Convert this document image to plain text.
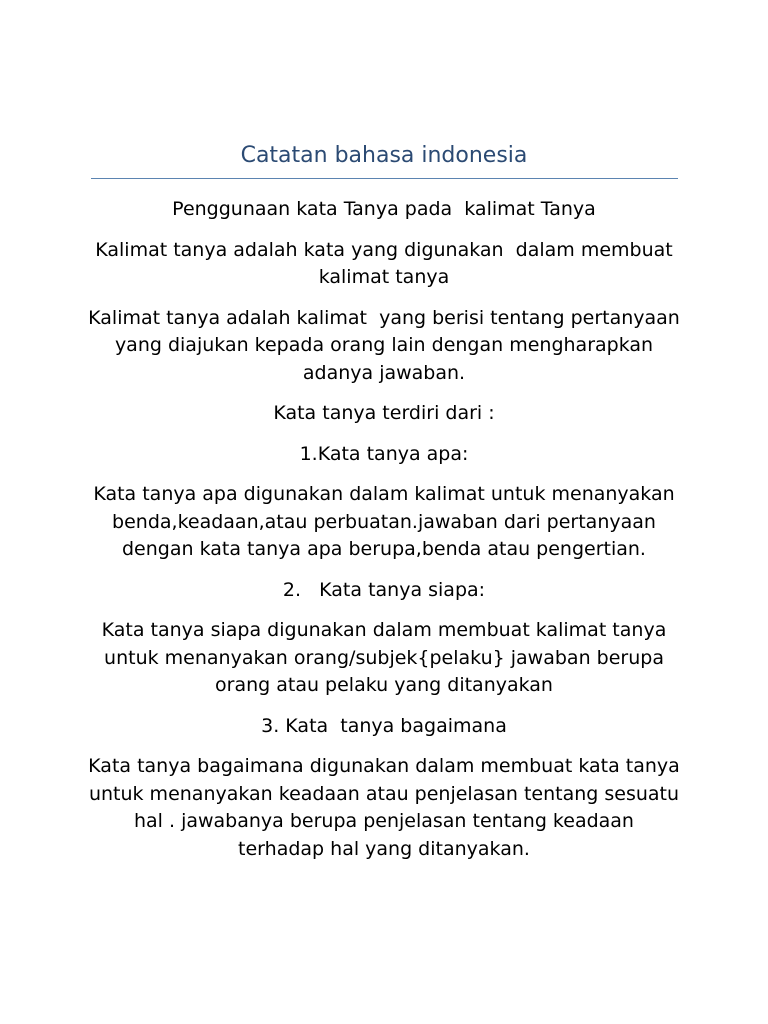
Catatan bahasa indonesia

Penggunaan kata Tanya pada  kalimat Tanya

Kalimat tanya adalah kata yang digunakan  dalam membuat kalimat tanya

Kalimat tanya adalah kalimat  yang berisi tentang pertanyaan yang diajukan kepada orang lain dengan mengharapkan adanya jawaban.

Kata tanya terdiri dari :

1.Kata tanya apa:

Kata tanya apa digunakan dalam kalimat untuk menanyakan benda,keadaan,atau perbuatan.jawaban dari pertanyaan dengan kata tanya apa berupa,benda atau pengertian.

2.   Kata tanya siapa:

Kata tanya siapa digunakan dalam membuat kalimat tanya untuk menanyakan orang/subjek{pelaku} jawaban berupa orang atau pelaku yang ditanyakan

3. Kata  tanya bagaimana

Kata tanya bagaimana digunakan dalam membuat kata tanya untuk menanyakan keadaan atau penjelasan tentang sesuatu hal . jawabanya berupa penjelasan tentang keadaan terhadap hal yang ditanyakan.
